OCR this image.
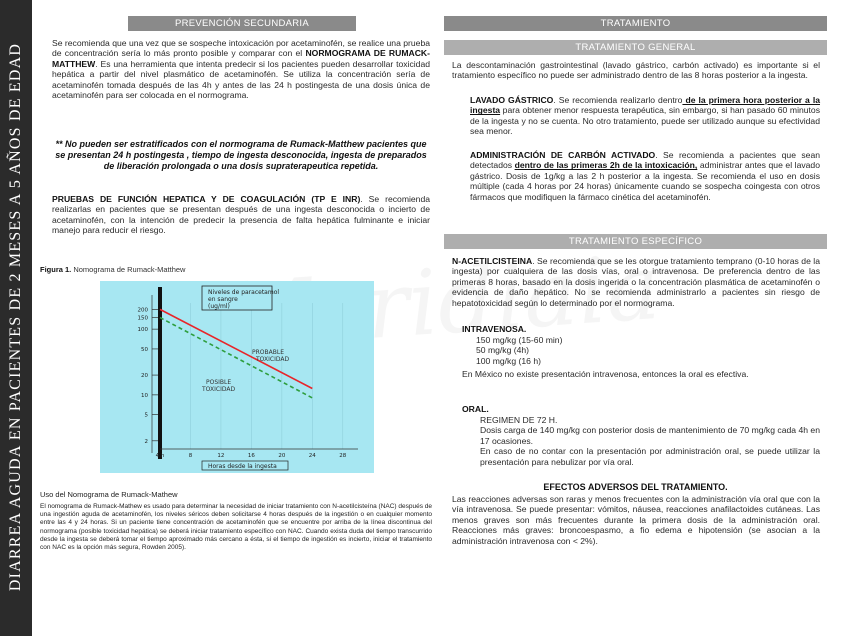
DIARREA AGUDA EN PACIENTES DE 2 MESES A 5 AÑOS DE EDAD
PREVENCIÓN SECUNDARIA

Se recomienda que una vez que se sospeche intoxicación por acetaminofén, se realice una prueba de concentración sería lo más pronto posible y comparar con el NORMOGRAMA DE RUMACK-MATTHEW. Es una herramienta que intenta predecir si los pacientes pueden desarrollar toxicidad hepática a partir del nivel plasmático de acetaminofén. Se utiliza la concentración sería de acetaminofén tomada después de las 4h y antes de las 24 h postingesta de una dosis única de acetaminofén para ser colocada en el normograma.

** No pueden ser estratificados con el normograma de Rumack-Matthew pacientes que se presentan 24 h postingesta , tiempo de ingesta desconocida, ingesta de preparados de liberación prolongada o una dosis supraterapeutica repetida.

PRUEBAS DE FUNCIÓN HEPATICA Y DE COAGULACIÓN (TP E INR). Se recomienda realizarlas en pacientes que se presentan después de una ingesta desconocida o incierto de acetaminofén, con la intención de predecir la presencia de falta hepática fulminante e iniciar manejo para reducir el riesgo.

Figura 1. Nomograma de Rumack-Matthew
200
150
100
50
20
10
5
2
4 h	8	12	16	20	24	28
Niveles de paracetamol
en sangre
(ug/ml)
PROBABLE
TOXICIDAD
POSIBLE
TOXICIDAD
Horas desde la ingesta
Uso del Nomograma de Rumack-Mathew
El nomograma de Rumack-Mathew es usado para determinar la necesidad de iniciar tratamiento con N-acetilcisteína (NAC) después de una ingestión aguda de acetaminofén, los niveles séricos deben solicitarse 4 horas después de la ingestión o en cualquier momento entre las 4 y 24 horas. Si un paciente tiene concentración de acetaminofén que se encuentre por arriba de la línea discontinua del normograma (posible toxicidad hepática) se deberá iniciar tratamiento específico con NAC. Cuando exista duda del tiempo transcurrido desde la ingesta se deberá tomar el tiempo aproximado más cercano a ésta, si el tiempo de ingestión es incierto, iniciar el tratamiento con NAC es la opción más segura, Rowden 2005).
TRATAMIENTO
TRATAMIENTO GENERAL

La descontaminación gastrointestinal (lavado gástrico, carbón activado) es importante si el tratamiento específico no puede ser administrado dentro de las 8 horas posterior a la ingesta.

LAVADO GÁSTRICO. Se recomienda realizarlo dentro de la primera hora posterior a la ingesta para obtener menor respuesta terapéutica, sin embargo, si han pasado 60 minutos de la ingesta y no se cuenta. No otro tratamiento, puede ser utilizado aunque su efectividad sea menor.

ADMINISTRACIÓN DE CARBÓN ACTIVADO. Se recomienda a pacientes que sean detectados dentro de las primeras 2h de la intoxicación, administrar antes que el lavado gástrico. Dosis de 1g/kg a las 2 h posterior a la ingesta. Se recomienda el uso en dosis múltiple (cada 4 horas por 24 horas) únicamente cuando se sospecha coingesta con otros fármacos que modifiquen la fármaco cinética del acetaminofén.

TRATAMIENTO ESPECÍFICO

N-ACETILCISTEINA. Se recomienda que se les otorgue tratamiento temprano (0-10 horas de la ingesta) por cualquiera de las dosis vías, oral o intravenosa. De preferencia dentro de las primeras 8 horas, basado en la dosis ingerida o la concentración plasmática de acetaminofén o evidencia de daño hepático. No se recomienda administrarlo a pacientes sin riesgo de hepatotoxicidad según lo determinado por el normograma.

INTRAVENOSA.
150 mg/kg (15-60 min)
50 mg/kg (4h)
100 mg/kg (16 h)

En México no existe presentación intravenosa, entonces la oral es efectiva.

ORAL.

REGIMEN DE 72 H.

Dosis carga de 140 mg/kg con posterior dosis de mantenimiento de 70 mg/kg cada 4h en 17 ocasiones.

En caso de no contar con la presentación por administración oral, se puede utilizar la presentación para nebulizar por vía oral.

EFECTOS ADVERSOS DEL TRATAMIENTO.

Las reacciones adversas son raras y menos frecuentes con la administración vía oral que con la vía intravenosa. Se puede presentar: vómitos, náusea, reacciones anafilactoides cutáneas. Las menos graves son más frecuentes durante la primera dosis de la administración oral. Reacciones más graves: broncoespasmo, a fio edema e hipotensión (se asocian a la administración intravenosa con < 2%).
